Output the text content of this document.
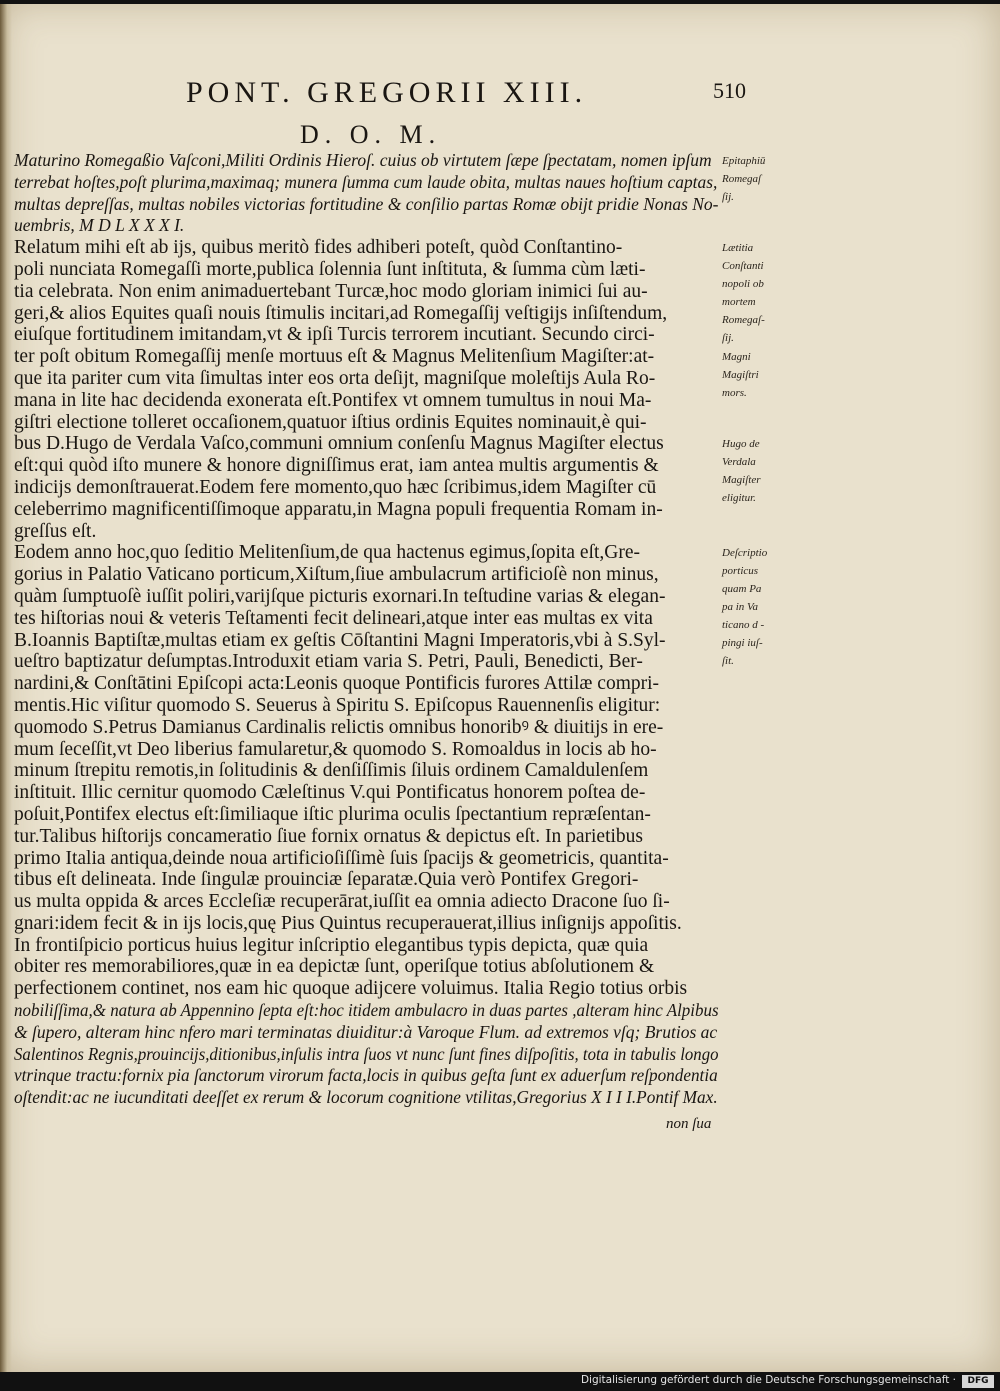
PONT. GREGORII XIII.	510
D. O. M.
Maturino Romegaßio Vaſconi,Militi Ordinis Hieroſ. cuius ob virtutem ſæpe ſpectatam, nomen ipſum
terrebat hoſtes,poſt plurima,maximaq; munera ſumma cum laude obita, multas naues hoſtium captas,
multas depreſſas, multas nobiles victorias fortitudine & conſilio partas Romæ obijt pridie Nonas No-
uembris, M D L X X X I.
Relatum mihi eſt ab ijs, quibus meritò fides adhiberi poteſt, quòd Conſtantino-
poli nunciata Romegaſſi morte,publica ſolennia ſunt inſtituta, & ſumma cùm læti-
tia celebrata. Non enim animaduertebant Turcæ,hoc modo gloriam inimici ſui au-
geri,& alios Equites quaſi nouis ſtimulis incitari,ad Romegaſſij veſtigijs inſiſtendum,
eiuſque fortitudinem imitandam,vt & ipſi Turcis terrorem incutiant. Secundo circi-
ter poſt obitum Romegaſſij menſe mortuus eſt & Magnus Melitenſium Magiſter:at-
que ita pariter cum vita ſimultas inter eos orta deſijt, magniſque moleſtijs Aula Ro-
mana in lite hac decidenda exonerata eſt.Pontifex vt omnem tumultus in noui Ma-
giſtri electione tolleret occaſionem,quatuor iſtius ordinis Equites nominauit,è qui-
bus D.Hugo de Verdala Vaſco,communi omnium conſenſu Magnus Magiſter electus
eſt:qui quòd iſto munere & honore digniſſimus erat, iam antea multis argumentis &
indicijs demonſtrauerat.Eodem fere momento,quo hæc ſcribimus,idem Magiſter cū
celeberrimo magnificentiſſimoque apparatu,in Magna populi frequentia Romam in-
greſſus eſt.
Eodem anno hoc,quo ſeditio Melitenſium,de qua hactenus egimus,ſopita eſt,Gre-
gorius in Palatio Vaticano porticum,Xiſtum,ſiue ambulacrum artificioſè non minus,
quàm ſumptuoſè iuſſit poliri,varijſque picturis exornari.In teſtudine varias & elegan-
tes hiſtorias noui & veteris Teſtamenti fecit delineari,atque inter eas multas ex vita
B.Ioannis Baptiſtæ,multas etiam ex geſtis Cōſtantini Magni Imperatoris,vbi à S.Syl-
ueſtro baptizatur deſumptas.Introduxit etiam varia S. Petri, Pauli, Benedicti, Ber-
nardini,& Conſtātini Epiſcopi acta:Leonis quoque Pontificis furores Attilæ compri-
mentis.Hic viſitur quomodo S. Seuerus à Spiritu S. Epiſcopus Rauennenſis eligitur:
quomodo S.Petrus Damianus Cardinalis relictis omnibus honoribꝰ & diuitijs in ere-
mum ſeceſſit,vt Deo liberius famularetur,& quomodo S. Romoaldus in locis ab ho-
minum ſtrepitu remotis,in ſolitudinis & denſiſſimis ſiluis ordinem Camaldulenſem
inſtituit. Illic cernitur quomodo Cæleſtinus V.qui Pontificatus honorem poſtea de-
poſuit,Pontifex electus eſt:ſimiliaque iſtic plurima oculis ſpectantium repræſentan-
tur.Talibus hiſtorijs concameratio ſiue fornix ornatus & depictus eſt. In parietibus
primo Italia antiqua,deinde noua artificioſiſſimè ſuis ſpacijs & geometricis, quantita-
tibus eſt delineata. Inde ſingulæ prouinciæ ſeparatæ.Quia verò Pontifex Gregori-
us multa oppida & arces Eccleſiæ recuperārat,iuſſit ea omnia adiecto Dracone ſuo ſi-
gnari:idem fecit & in ijs locis,quę Pius Quintus recuperauerat,illius inſignijs appoſitis.
In frontiſpicio porticus huius legitur inſcriptio elegantibus typis depicta, quæ quia
obiter res memorabiliores,quæ in ea depictæ ſunt, operiſque totius abſolutionem &
perfectionem continet, nos eam hic quoque adijcere voluimus. Italia Regio totius orbis
nobiliſſima,& natura ab Appennino ſepta eſt:hoc itidem ambulacro in duas partes ,alteram hinc Alpibus
& ſupero, alteram hinc nfero mari terminatas diuiditur:à Varoque Flum. ad extremos vſq; Brutios ac
Salentinos Regnis,prouincijs,ditionibus,inſulis intra ſuos vt nunc ſunt fines diſpoſitis, tota in tabulis longo
vtrinque tractu:fornix pia ſanctorum virorum facta,locis in quibus geſta ſunt ex aduerſum reſpondentia
oſtendit:ac ne iucunditati deeſſet ex rerum & locorum cognitione vtilitas,Gregorius X I I I.Pontif Max.
Epitaphiū
Romegaſ
ſij.
Lætitia
Conſtanti
nopoli ob
mortem
Romegaſ-
ſij.
Magni
Magiſtri
mors.
Hugo de
Verdala
Magiſter
eligitur.
Deſcriptio
porticus
quam Pa
pa in Va
ticano d -
pingi iuſ-
ſit.
non ſua
Digitalisierung gefördert durch die Deutsche Forschungsgemeinschaft ·	DFG
